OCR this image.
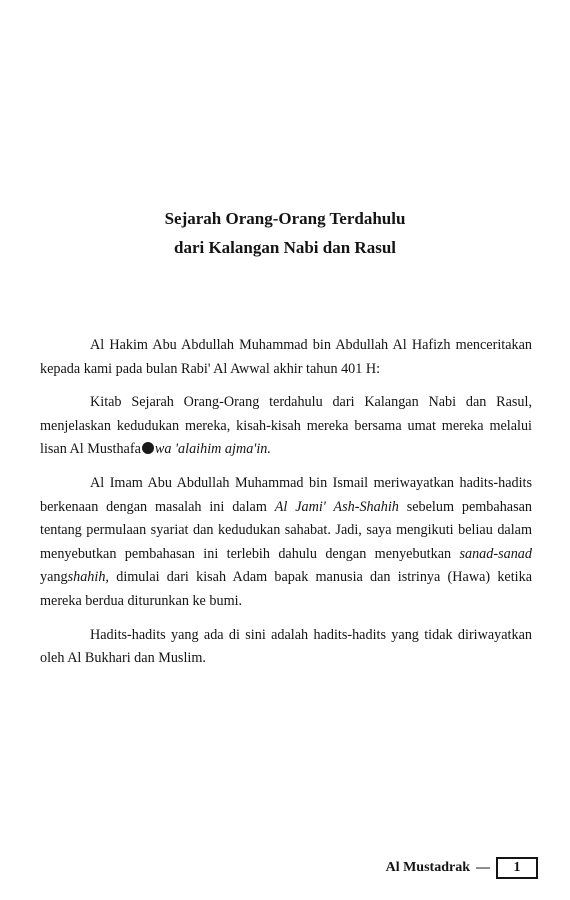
Sejarah Orang-Orang Terdahulu
dari Kalangan Nabi dan Rasul

Al Hakim Abu Abdullah Muhammad bin Abdullah Al Hafizh menceritakan kepada kami pada bulan Rabi' Al Awwal akhir tahun 401 H:

Kitab Sejarah Orang-Orang terdahulu dari Kalangan Nabi dan Rasul, menjelaskan kedudukan mereka, kisah-kisah mereka bersama umat mereka melalui lisan Al Musthafa wa 'alaihim ajma'in.

Al Imam Abu Abdullah Muhammad bin Ismail meriwayatkan hadits-hadits berkenaan dengan masalah ini dalam Al Jami' Ash-Shahih sebelum pembahasan tentang permulaan syariat dan kedudukan sahabat. Jadi, saya mengikuti beliau dalam menyebutkan pembahasan ini terlebih dahulu dengan menyebutkan sanad-sanad yangshahih, dimulai dari kisah Adam bapak manusia dan istrinya (Hawa) ketika mereka berdua diturunkan ke bumi.

Hadits-hadits yang ada di sini adalah hadits-hadits yang tidak diriwayatkan oleh Al Bukhari dan Muslim.

Al Mustadrak —	1
